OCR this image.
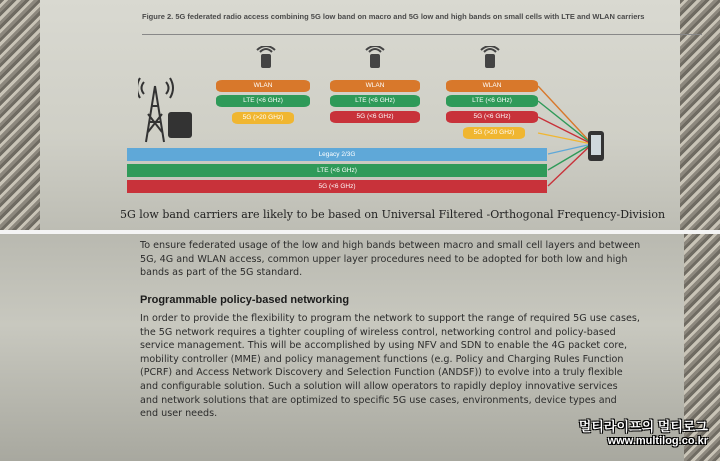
Figure 2. 5G federated radio access combining 5G low band on macro and 5G low and high bands on small cells with LTE and WLAN carriers
WLAN
LTE (<6 GHz)
5G (>20 GHz)
WLAN
LTE (<6 GHz)
5G (<6 GHz)
WLAN
LTE (<6 GHz)
5G (<6 GHz)
5G (>20 GHz)
Legacy 2/3G
LTE (<6 GHz)
5G (<6 GHz)
5G low band carriers are likely to be based on Universal Filtered -Orthogonal Frequency-Division
To ensure federated usage of the low and high bands between macro and small cell layers and between
5G, 4G and WLAN access, common upper layer procedures need to be adopted for both low and high
bands as part of the 5G standard.
Programmable policy-based networking
In order to provide the flexibility to program the network to support the range of required 5G use cases,
the 5G network requires a tighter coupling of wireless control, networking control and policy-based
service management. This will be accomplished by using NFV and SDN to enable the 4G packet core,
mobility controller (MME) and policy management functions (e.g. Policy and Charging Rules Function
(PCRF) and Access Network Discovery and Selection Function (ANDSF)) to evolve into a truly flexible
and configurable solution. Such a solution will allow operators to rapidly deploy innovative services
and network solutions that are optimized to specific 5G use cases, environments, device types and
end user needs.
멀티라이프의 멀티로그
www.multilog.co.kr
